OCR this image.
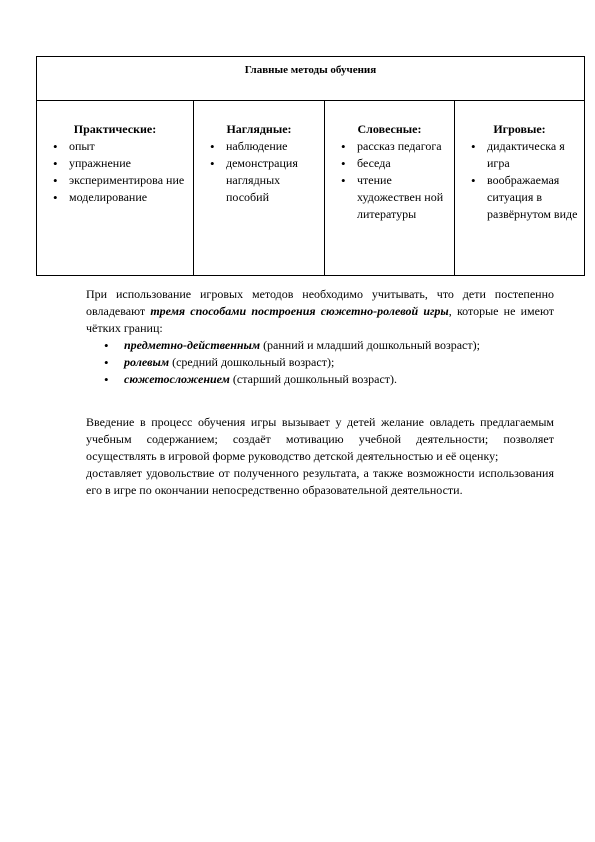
Главные методы обучения

Практические:

• опыт
• упражнение
• экспериментирова ние
• моделирование

Наглядные:

• наблюдение
• демонстрация наглядных пособий

Словесные:

• рассказ педагога
• беседа
• чтение художествен ной литературы

Игровые:

• дидактическа я игра
• воображаемая ситуация в развёрнутом виде

При использование игровых методов необходимо учитывать, что дети постепенно овладевают тремя способами построения сюжетно-ролевой игры, которые не имеют чётких границ:

• предметно-действенным (ранний и младший дошкольный возраст);
• ролевым (средний дошкольный возраст);
• сюжетосложением (старший дошкольный возраст).

Введение в процесс обучения игры вызывает у детей желание овладеть предлагаемым учебным содержанием; создаёт мотивацию учебной деятельности; позволяет осуществлять в игровой форме руководство детской деятельностью и её оценку;

доставляет удовольствие от полученного результата, а также возможности использования его в игре по окончании непосредственно образовательной деятельности.
